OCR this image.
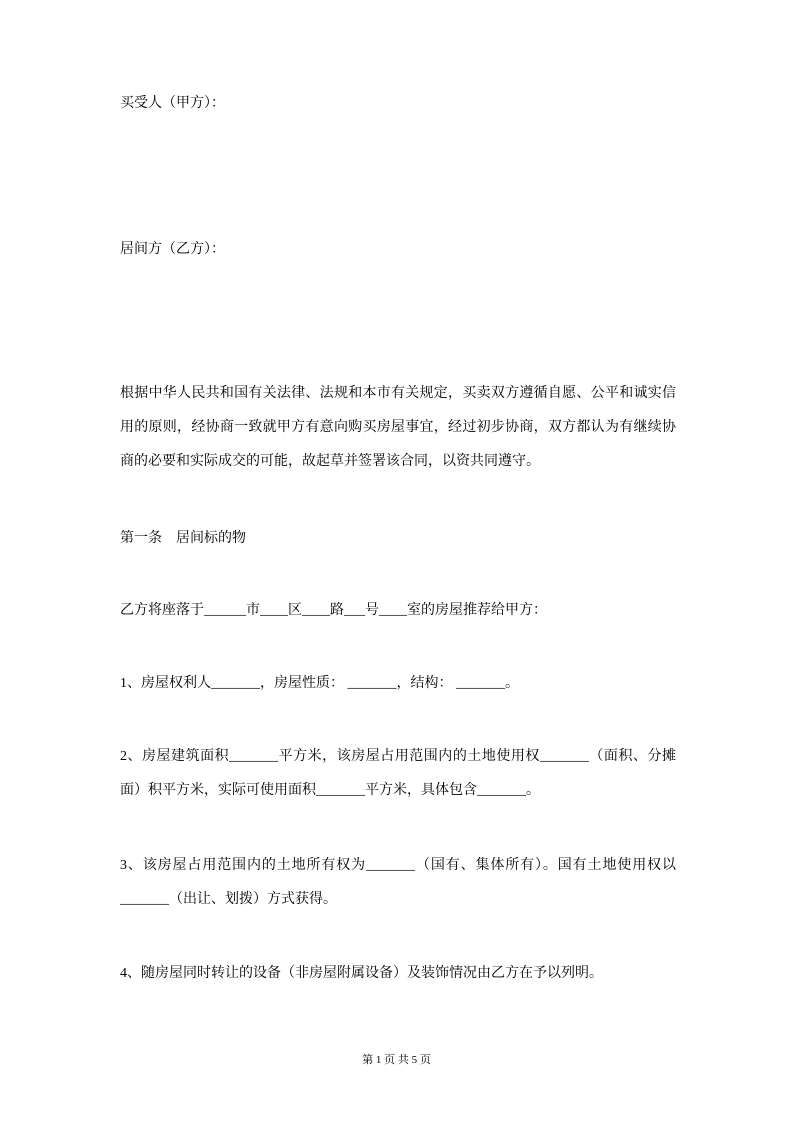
买受人（甲方）：
居间方（乙方）：
根据中华人民共和国有关法律、法规和本市有关规定，买卖双方遵循自愿、公平和诚实信用的原则，经协商一致就甲方有意向购买房屋事宜，经过初步协商，双方都认为有继续协商的必要和实际成交的可能，故起草并签署该合同，以资共同遵守。
第一条　居间标的物
乙方将座落于______市____区____路___号____室的房屋推荐给甲方：
1、房屋权利人_______，房屋性质： _______，结构： _______。
2、房屋建筑面积_______平方米，该房屋占用范围内的土地使用权_______（面积、分摊面）积平方米，实际可使用面积_______平方米，具体包含_______。
3、该房屋占用范围内的土地所有权为_______（国有、集体所有）。国有土地使用权以_______（出让、划拨）方式获得。
4、随房屋同时转让的设备（非房屋附属设备）及装饰情况由乙方在予以列明。
第 1 页 共 5 页
